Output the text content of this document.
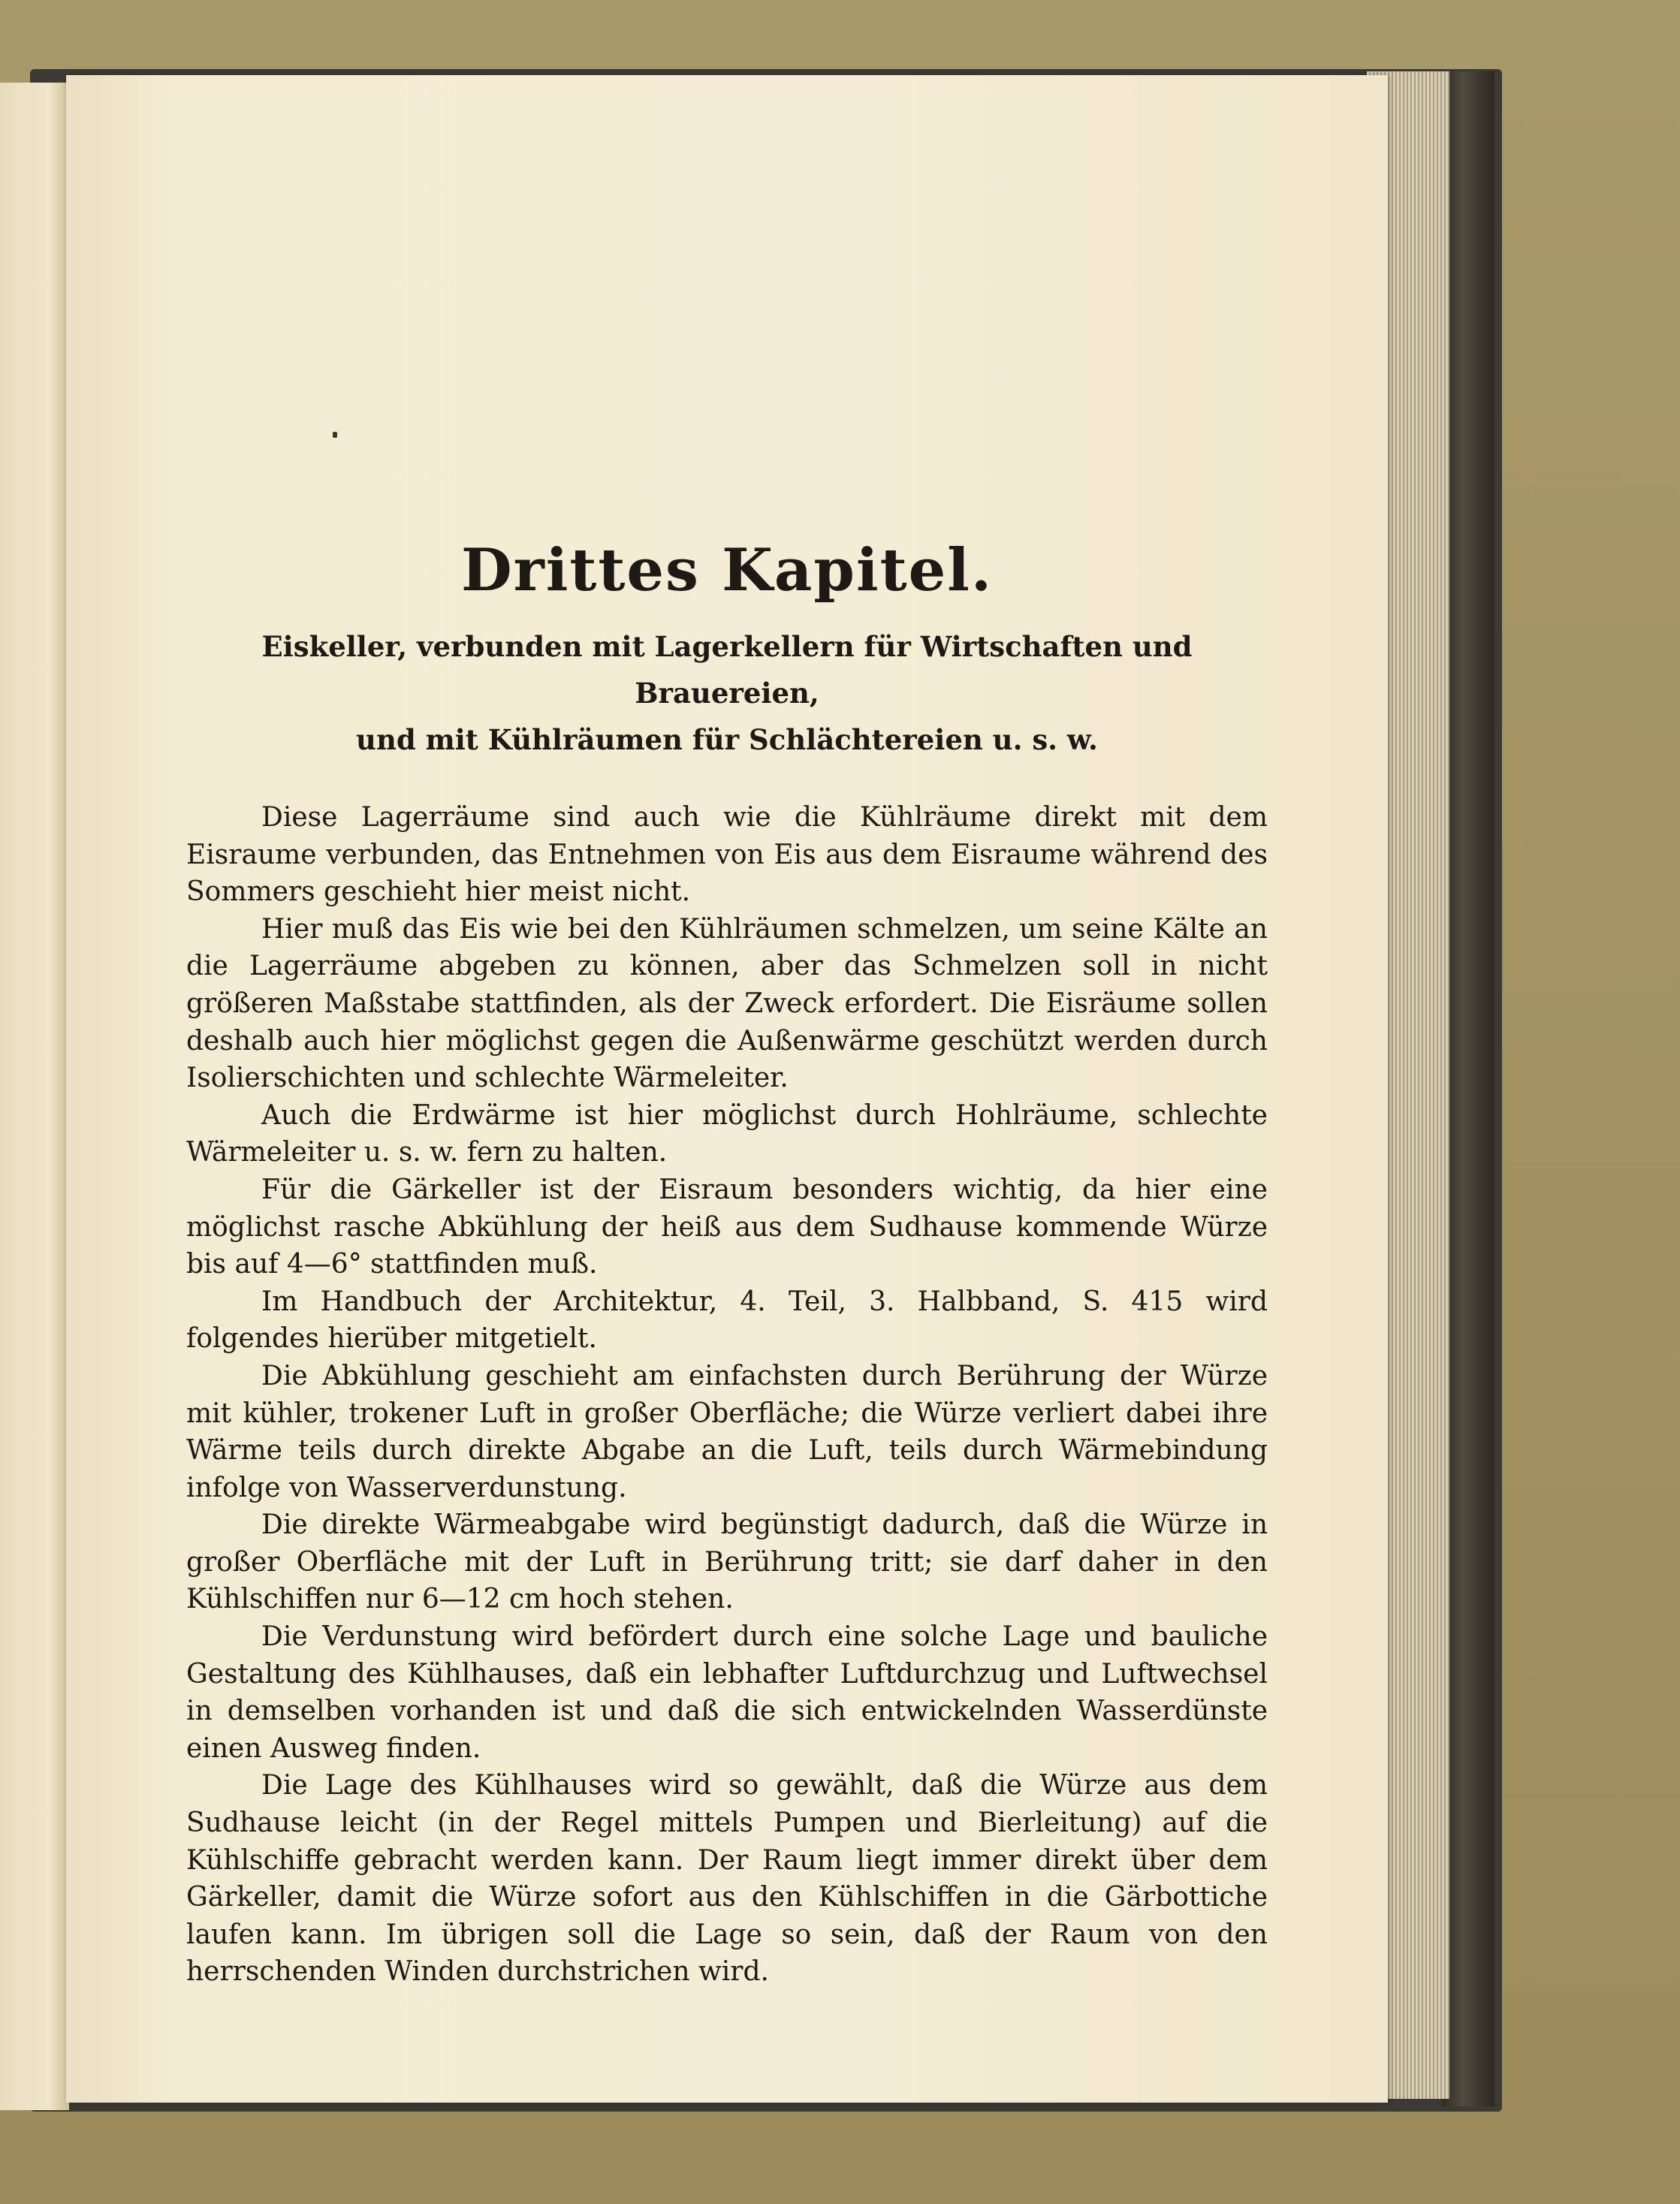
Drittes Kapitel.
Eiskeller, verbunden mit Lagerkellern für Wirtschaften und Brauereien,
und mit Kühlräumen für Schlächtereien u. s. w.

Diese Lagerräume sind auch wie die Kühlräume direkt mit dem Eisraume verbunden, das Entnehmen von Eis aus dem Eisraume während des Sommers geschieht hier meist nicht.

Hier muß das Eis wie bei den Kühlräumen schmelzen, um seine Kälte an die Lagerräume abgeben zu können, aber das Schmelzen soll in nicht größeren Maßstabe stattfinden, als der Zweck erfordert. Die Eisräume sollen deshalb auch hier möglichst gegen die Außenwärme geschützt werden durch Isolierschichten und schlechte Wärmeleiter.

Auch die Erdwärme ist hier möglichst durch Hohlräume, schlechte Wärmeleiter u. s. w. fern zu halten.

Für die Gärkeller ist der Eisraum besonders wichtig, da hier eine möglichst rasche Abkühlung der heiß aus dem Sudhause kommende Würze bis auf 4—6° stattfinden muß.

Im Handbuch der Architektur, 4. Teil, 3. Halbband, S. 415 wird folgendes hierüber mitgetielt.

Die Abkühlung geschieht am einfachsten durch Berührung der Würze mit kühler, trokener Luft in großer Oberfläche; die Würze verliert dabei ihre Wärme teils durch direkte Abgabe an die Luft, teils durch Wärmebindung infolge von Wasserverdunstung.

Die direkte Wärmeabgabe wird begünstigt dadurch, daß die Würze in großer Oberfläche mit der Luft in Berührung tritt; sie darf daher in den Kühlschiffen nur 6—12 cm hoch stehen.

Die Verdunstung wird befördert durch eine solche Lage und bauliche Gestaltung des Kühlhauses, daß ein lebhafter Luftdurchzug und Luftwechsel in demselben vorhanden ist und daß die sich entwickelnden Wasserdünste einen Ausweg finden.

Die Lage des Kühlhauses wird so gewählt, daß die Würze aus dem Sudhause leicht (in der Regel mittels Pumpen und Bierleitung) auf die Kühlschiffe gebracht werden kann. Der Raum liegt immer direkt über dem Gärkeller, damit die Würze sofort aus den Kühlschiffen in die Gärbottiche laufen kann. Im übrigen soll die Lage so sein, daß der Raum von den herrschenden Winden durchstrichen wird.
